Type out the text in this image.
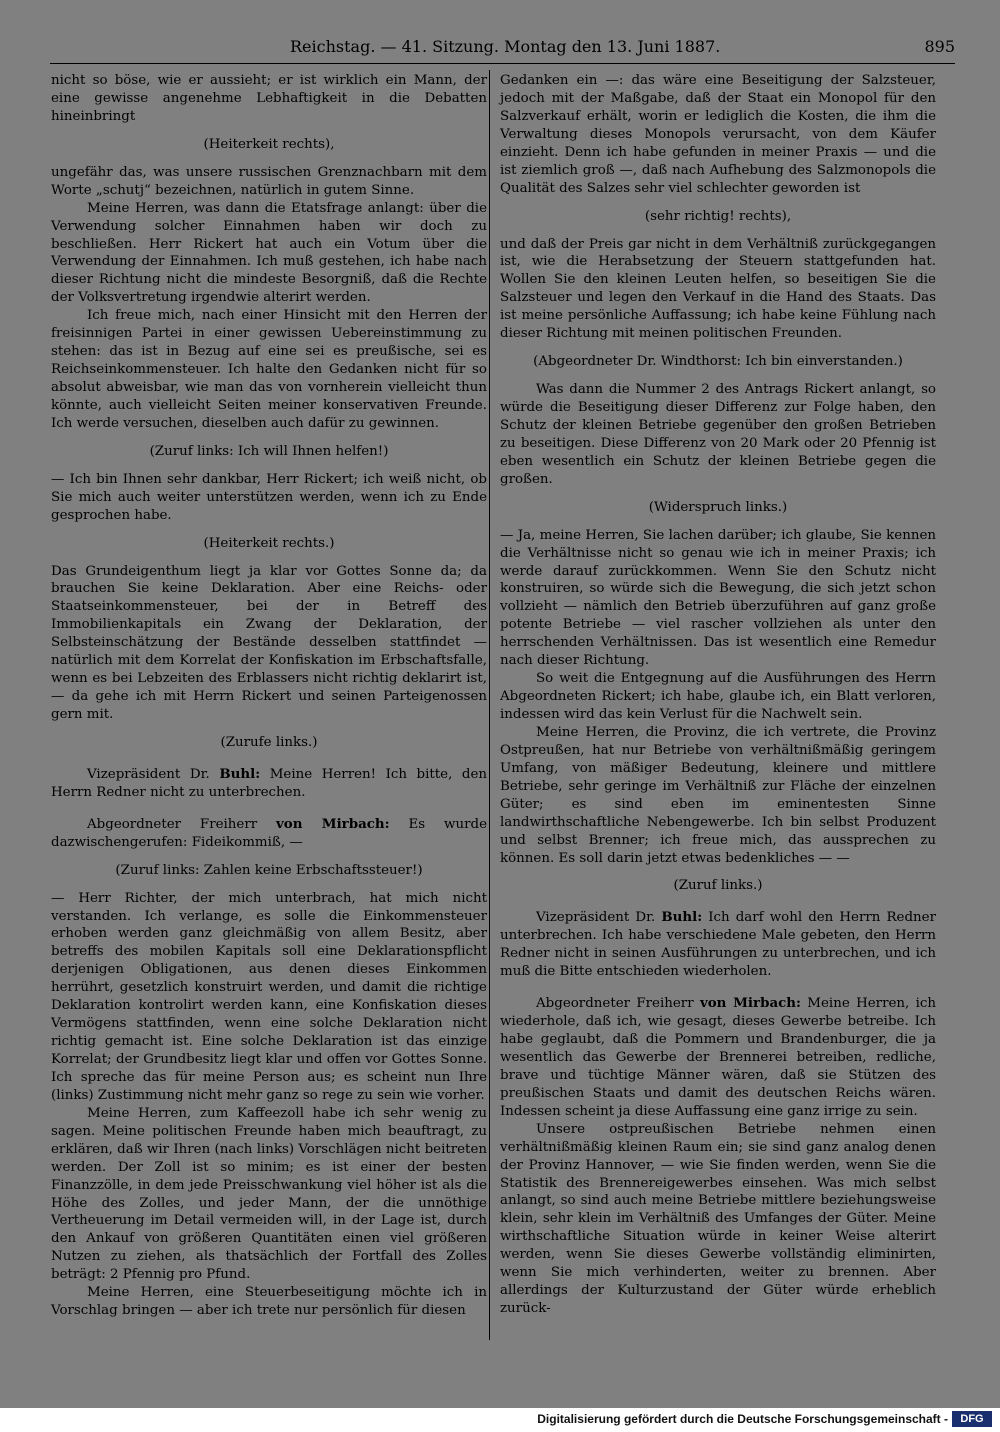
Reichstag. — 41. Sitzung. Montag den 13. Juni 1887.	895

nicht so böse, wie er aussieht; er ist wirklich ein Mann, der eine gewisse angenehme Lebhaftigkeit in die Debatten hineinbringt

(Heiterkeit rechts),

ungefähr das, was unsere russischen Grenznachbarn mit dem Worte „schutj“ bezeichnen, natürlich in gutem Sinne.

Meine Herren, was dann die Etatsfrage anlangt: über die Verwendung solcher Einnahmen haben wir doch zu beschließen. Herr Rickert hat auch ein Votum über die Verwendung der Einnahmen. Ich muß gestehen, ich habe nach dieser Richtung nicht die mindeste Besorgniß, daß die Rechte der Volksvertretung irgendwie alterirt werden.

Ich freue mich, nach einer Hinsicht mit den Herren der freisinnigen Partei in einer gewissen Uebereinstimmung zu stehen: das ist in Bezug auf eine sei es preußische, sei es Reichseinkommensteuer. Ich halte den Gedanken nicht für so absolut abweisbar, wie man das von vornherein vielleicht thun könnte, auch vielleicht Seiten meiner konservativen Freunde. Ich werde versuchen, dieselben auch dafür zu gewinnen.

(Zuruf links: Ich will Ihnen helfen!)

— Ich bin Ihnen sehr dankbar, Herr Rickert; ich weiß nicht, ob Sie mich auch weiter unterstützen werden, wenn ich zu Ende gesprochen habe.

(Heiterkeit rechts.)

Das Grundeigenthum liegt ja klar vor Gottes Sonne da; da brauchen Sie keine Deklaration. Aber eine Reichs- oder Staatseinkommensteuer, bei der in Betreff des Immobilienkapitals ein Zwang der Deklaration, der Selbsteinschätzung der Bestände desselben stattfindet — natürlich mit dem Korrelat der Konfiskation im Erbschaftsfalle, wenn es bei Lebzeiten des Erblassers nicht richtig deklarirt ist, — da gehe ich mit Herrn Rickert und seinen Parteigenossen gern mit.

(Zurufe links.)

Vizepräsident Dr. Buhl: Meine Herren! Ich bitte, den Herrn Redner nicht zu unterbrechen.

Abgeordneter Freiherr von Mirbach: Es wurde dazwischengerufen: Fideikommiß, —

(Zuruf links: Zahlen keine Erbschaftssteuer!)

— Herr Richter, der mich unterbrach, hat mich nicht verstanden. Ich verlange, es solle die Einkommensteuer erhoben werden ganz gleichmäßig von allem Besitz, aber betreffs des mobilen Kapitals soll eine Deklarationspflicht derjenigen Obligationen, aus denen dieses Einkommen herrührt, gesetzlich konstruirt werden, und damit die richtige Deklaration kontrolirt werden kann, eine Konfiskation dieses Vermögens stattfinden, wenn eine solche Deklaration nicht richtig gemacht ist. Eine solche Deklaration ist das einzige Korrelat; der Grundbesitz liegt klar und offen vor Gottes Sonne. Ich spreche das für meine Person aus; es scheint nun Ihre (links) Zustimmung nicht mehr ganz so rege zu sein wie vorher.

Meine Herren, zum Kaffeezoll habe ich sehr wenig zu sagen. Meine politischen Freunde haben mich beauftragt, zu erklären, daß wir Ihren (nach links) Vorschlägen nicht beitreten werden. Der Zoll ist so minim; es ist einer der besten Finanzzölle, in dem jede Preisschwankung viel höher ist als die Höhe des Zolles, und jeder Mann, der die unnöthige Vertheuerung im Detail vermeiden will, in der Lage ist, durch den Ankauf von größeren Quantitäten einen viel größeren Nutzen zu ziehen, als thatsächlich der Fortfall des Zolles beträgt: 2 Pfennig pro Pfund.

Meine Herren, eine Steuerbeseitigung möchte ich in Vorschlag bringen — aber ich trete nur persönlich für diesen

Gedanken ein —: das wäre eine Beseitigung der Salzsteuer, jedoch mit der Maßgabe, daß der Staat ein Monopol für den Salzverkauf erhält, worin er lediglich die Kosten, die ihm die Verwaltung dieses Monopols verursacht, von dem Käufer einzieht. Denn ich habe gefunden in meiner Praxis — und die ist ziemlich groß —, daß nach Aufhebung des Salzmonopols die Qualität des Salzes sehr viel schlechter geworden ist

(sehr richtig! rechts),

und daß der Preis gar nicht in dem Verhältniß zurückgegangen ist, wie die Herabsetzung der Steuern stattgefunden hat. Wollen Sie den kleinen Leuten helfen, so beseitigen Sie die Salzsteuer und legen den Verkauf in die Hand des Staats. Das ist meine persönliche Auffassung; ich habe keine Fühlung nach dieser Richtung mit meinen politischen Freunden.

(Abgeordneter Dr. Windthorst: Ich bin einverstanden.)

Was dann die Nummer 2 des Antrags Rickert anlangt, so würde die Beseitigung dieser Differenz zur Folge haben, den Schutz der kleinen Betriebe gegenüber den großen Betrieben zu beseitigen. Diese Differenz von 20 Mark oder 20 Pfennig ist eben wesentlich ein Schutz der kleinen Betriebe gegen die großen.

(Widerspruch links.)

— Ja, meine Herren, Sie lachen darüber; ich glaube, Sie kennen die Verhältnisse nicht so genau wie ich in meiner Praxis; ich werde darauf zurückkommen. Wenn Sie den Schutz nicht konstruiren, so würde sich die Bewegung, die sich jetzt schon vollzieht — nämlich den Betrieb überzuführen auf ganz große potente Betriebe — viel rascher vollziehen als unter den herrschenden Verhältnissen. Das ist wesentlich eine Remedur nach dieser Richtung.

So weit die Entgegnung auf die Ausführungen des Herrn Abgeordneten Rickert; ich habe, glaube ich, ein Blatt verloren, indessen wird das kein Verlust für die Nachwelt sein.

Meine Herren, die Provinz, die ich vertrete, die Provinz Ostpreußen, hat nur Betriebe von verhältnißmäßig geringem Umfang, von mäßiger Bedeutung, kleinere und mittlere Betriebe, sehr geringe im Verhältniß zur Fläche der einzelnen Güter; es sind eben im eminentesten Sinne landwirthschaftliche Nebengewerbe. Ich bin selbst Produzent und selbst Brenner; ich freue mich, das aussprechen zu können. Es soll darin jetzt etwas bedenkliches — —

(Zuruf links.)

Vizepräsident Dr. Buhl: Ich darf wohl den Herrn Redner unterbrechen. Ich habe verschiedene Male gebeten, den Herrn Redner nicht in seinen Ausführungen zu unterbrechen, und ich muß die Bitte entschieden wiederholen.

Abgeordneter Freiherr von Mirbach: Meine Herren, ich wiederhole, daß ich, wie gesagt, dieses Gewerbe betreibe. Ich habe geglaubt, daß die Pommern und Brandenburger, die ja wesentlich das Gewerbe der Brennerei betreiben, redliche, brave und tüchtige Männer wären, daß sie Stützen des preußischen Staats und damit des deutschen Reichs wären. Indessen scheint ja diese Auffassung eine ganz irrige zu sein.

Unsere ostpreußischen Betriebe nehmen einen verhältnißmäßig kleinen Raum ein; sie sind ganz analog denen der Provinz Hannover, — wie Sie finden werden, wenn Sie die Statistik des Brennereigewerbes einsehen. Was mich selbst anlangt, so sind auch meine Betriebe mittlere beziehungsweise klein, sehr klein im Verhältniß des Umfanges der Güter. Meine wirthschaftliche Situation würde in keiner Weise alterirt werden, wenn Sie dieses Gewerbe vollständig eliminirten, wenn Sie mich verhinderten, weiter zu brennen. Aber allerdings der Kulturzustand der Güter würde erheblich zurück-

Digitalisierung gefördert durch die Deutsche Forschungsgemeinschaft -	DFG
